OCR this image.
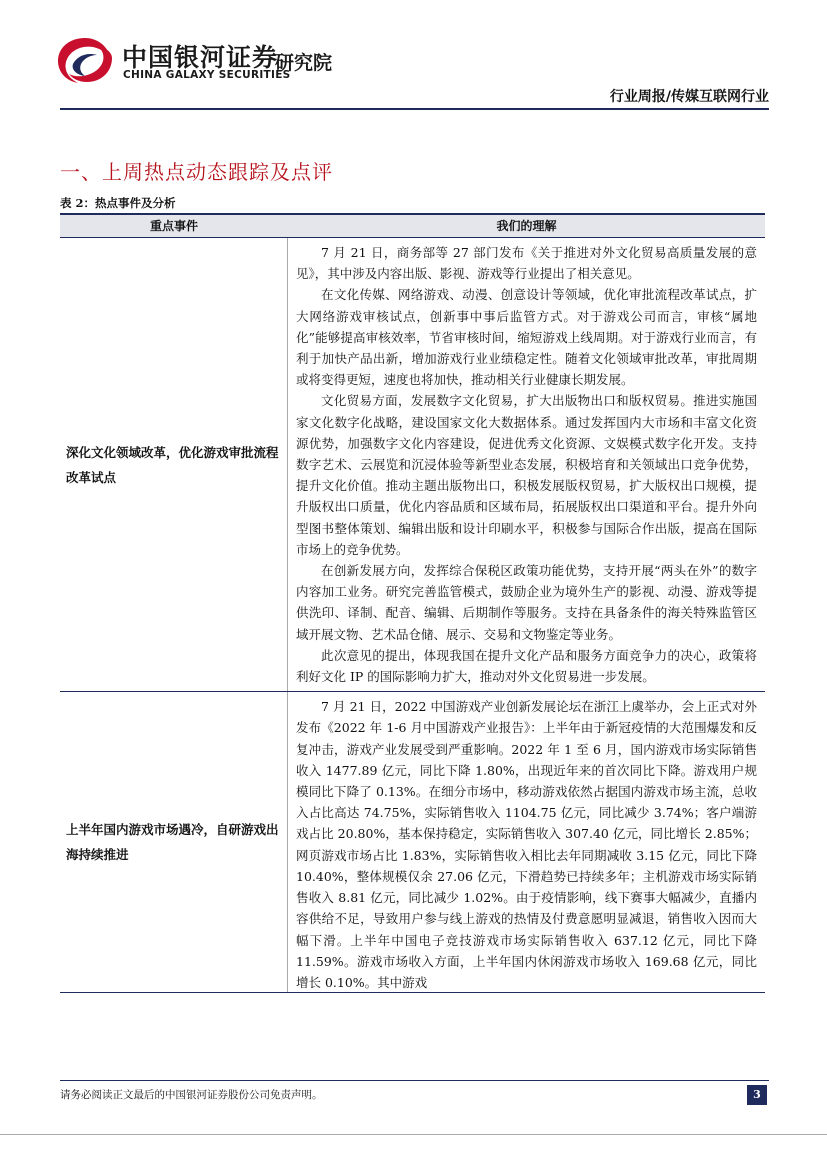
中国银河证券
CHINA GALAXY SECURITIES
研究院
行业周报/传媒互联网行业
一、上周热点动态跟踪及点评
表 2：热点事件及分析
重点事件	我们的理解
深化文化领域改革，优化游戏审批流程改革试点

7 月 21 日，商务部等 27 部门发布《关于推进对外文化贸易高质量发展的意见》，其中涉及内容出版、影视、游戏等行业提出了相关意见。

在文化传媒、网络游戏、动漫、创意设计等领域，优化审批流程改革试点，扩大网络游戏审核试点，创新事中事后监管方式。对于游戏公司而言，审核“属地化”能够提高审核效率，节省审核时间，缩短游戏上线周期。对于游戏行业而言，有利于加快产品出新，增加游戏行业业绩稳定性。随着文化领域审批改革，审批周期或将变得更短，速度也将加快，推动相关行业健康长期发展。

文化贸易方面，发展数字文化贸易，扩大出版物出口和版权贸易。推进实施国家文化数字化战略，建设国家文化大数据体系。通过发挥国内大市场和丰富文化资源优势，加强数字文化内容建设，促进优秀文化资源、文娱模式数字化开发。支持数字艺术、云展览和沉浸体验等新型业态发展，积极培育和关领域出口竞争优势，提升文化价值。推动主题出版物出口，积极发展版权贸易，扩大版权出口规模，提升版权出口质量，优化内容品质和区域布局，拓展版权出口渠道和平台。提升外向型图书整体策划、编辑出版和设计印刷水平，积极参与国际合作出版，提高在国际市场上的竞争优势。

在创新发展方向，发挥综合保税区政策功能优势，支持开展“两头在外”的数字内容加工业务。研究完善监管模式，鼓励企业为境外生产的影视、动漫、游戏等提供洗印、译制、配音、编辑、后期制作等服务。支持在具备条件的海关特殊监管区域开展文物、艺术品仓储、展示、交易和文物鉴定等业务。

此次意见的提出，体现我国在提升文化产品和服务方面竞争力的决心，政策将利好文化 IP 的国际影响力扩大，推动对外文化贸易进一步发展。

上半年国内游戏市场遇冷，自研游戏出海持续推进

7 月 21 日，2022 中国游戏产业创新发展论坛在浙江上虞举办，会上正式对外发布《2022 年 1-6 月中国游戏产业报告》：上半年由于新冠疫情的大范围爆发和反复冲击，游戏产业发展受到严重影响。2022 年 1 至 6 月，国内游戏市场实际销售收入 1477.89 亿元，同比下降 1.80%，出现近年来的首次同比下降。游戏用户规模同比下降了 0.13%。在细分市场中，移动游戏依然占据国内游戏市场主流，总收入占比高达 74.75%，实际销售收入 1104.75 亿元，同比减少 3.74%；客户端游戏占比 20.80%，基本保持稳定，实际销售收入 307.40 亿元，同比增长 2.85%；网页游戏市场占比 1.83%，实际销售收入相比去年同期减收 3.15 亿元，同比下降 10.40%，整体规模仅余 27.06 亿元，下滑趋势已持续多年；主机游戏市场实际销售收入 8.81 亿元，同比减少 1.02%。由于疫情影响，线下赛事大幅减少，直播内容供给不足，导致用户参与线上游戏的热情及付费意愿明显减退，销售收入因而大幅下滑。上半年中国电子竞技游戏市场实际销售收入 637.12 亿元，同比下降 11.59%。游戏市场收入方面，上半年国内休闲游戏市场收入 169.68 亿元，同比增长 0.10%。其中游戏

请务必阅读正文最后的中国银河证券股份公司免责声明。	3
